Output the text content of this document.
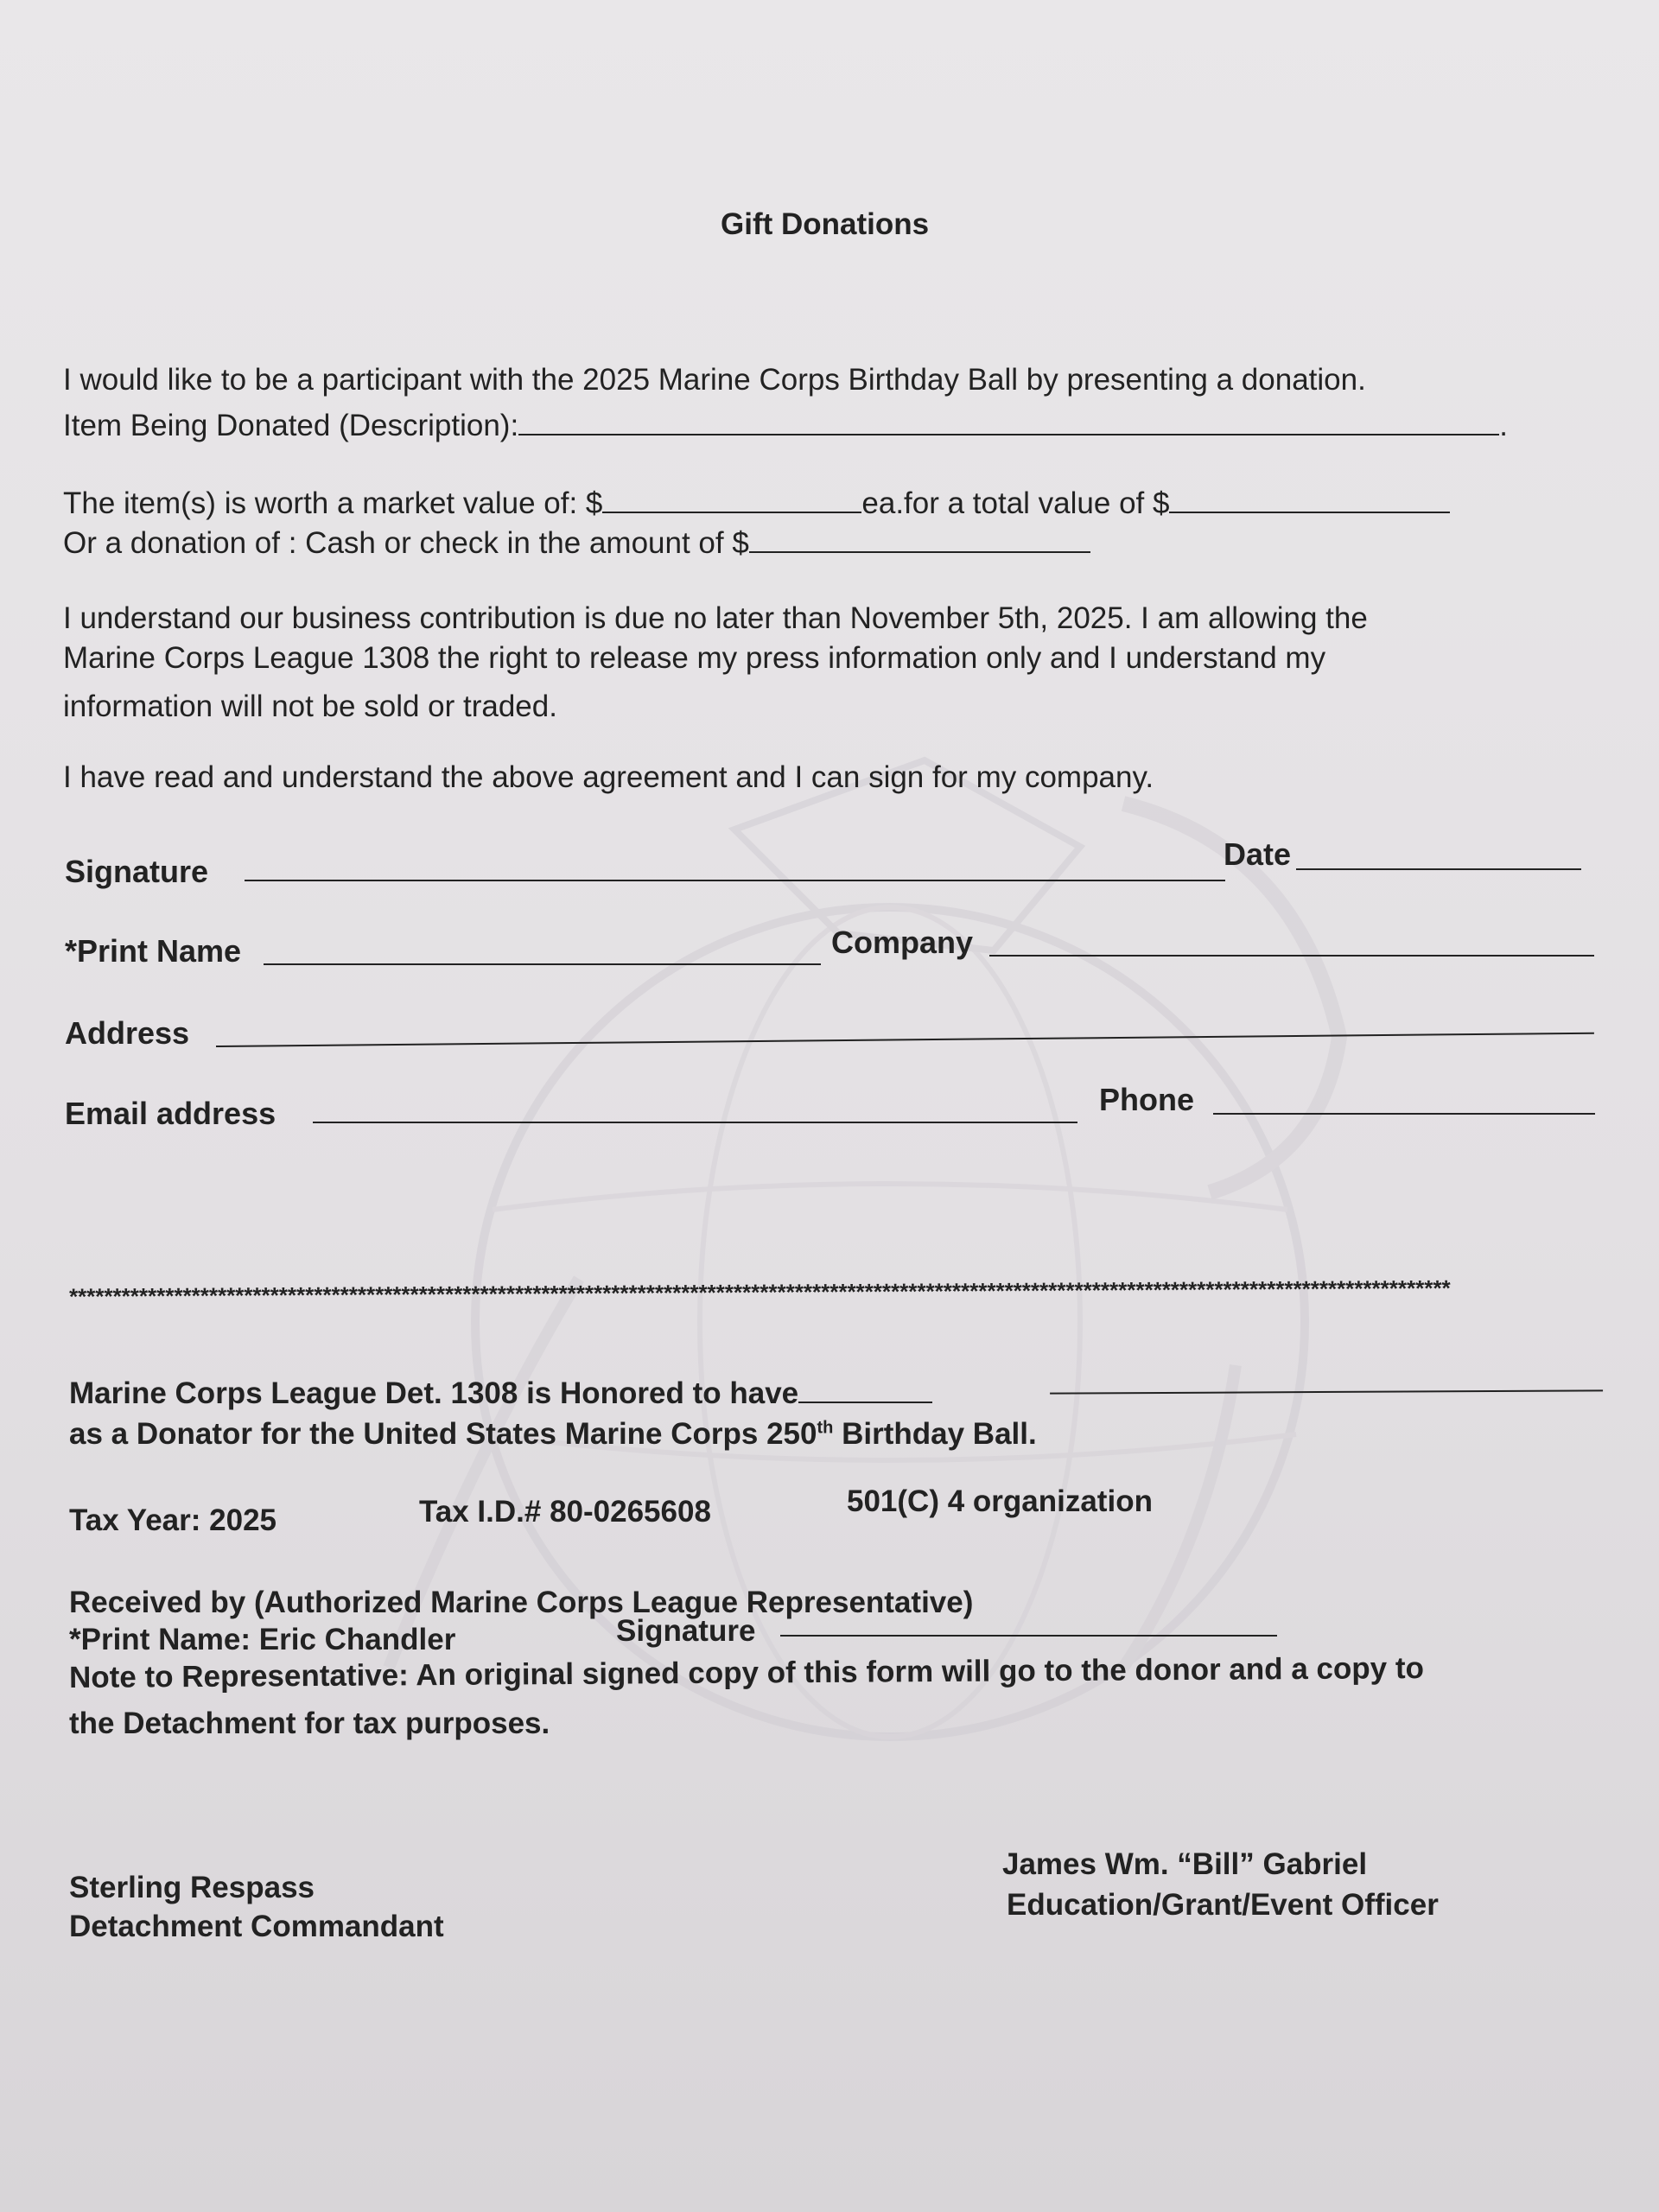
Gift Donations
I would like to be a participant with the 2025 Marine Corps Birthday Ball by presenting a donation.
Item Being Donated (Description):	.
The item(s) is worth a market value of: $	ea.for a total value of $
Or a donation of : Cash or check in the amount of $
I understand our business contribution is due no later than November 5th, 2025. I am allowing the
Marine Corps League 1308 the right to release my press information only and I understand my
information will not be sold or traded.
I have read and understand the above agreement and I can sign for my company.
Signature	Date
*Print Name	Company
Address
Email address	Phone
**************************************************************************************************************************************************************
Marine Corps League Det. 1308 is Honored to have
as a Donator for the United States Marine Corps 250th Birthday Ball.
Tax Year: 2025	Tax I.D.# 80-0265608	501(C) 4 organization
Received by (Authorized Marine Corps League Representative)
*Print Name: Eric Chandler	Signature
Note to Representative: An original signed copy of this form will go to the donor and a copy to
the Detachment for tax purposes.
Sterling Respass
Detachment Commandant
James Wm. “Bill” Gabriel
Education/Grant/Event Officer
